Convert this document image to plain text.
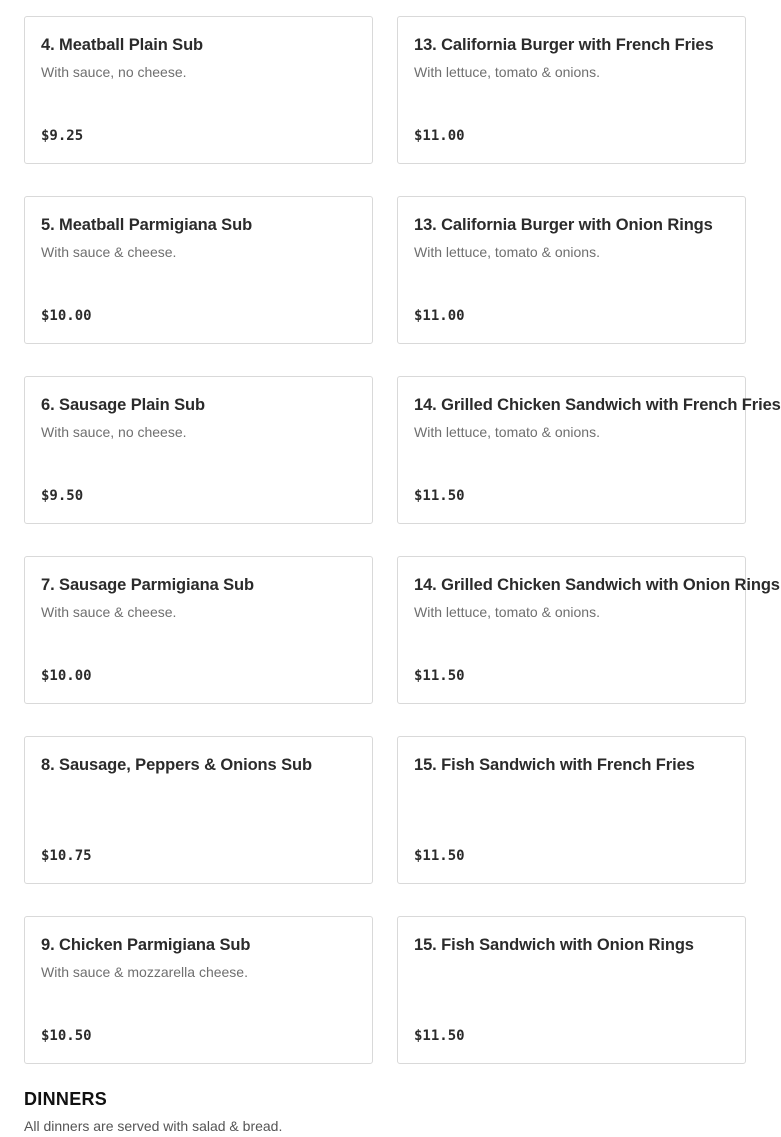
4. Meatball Plain Sub
With sauce, no cheese.
$9.25
13. California Burger with French Fries
With lettuce, tomato & onions.
$11.00
5. Meatball Parmigiana Sub
With sauce & cheese.
$10.00
13. California Burger with Onion Rings
With lettuce, tomato & onions.
$11.00
6. Sausage Plain Sub
With sauce, no cheese.
$9.50
14. Grilled Chicken Sandwich with French Fries
With lettuce, tomato & onions.
$11.50
7. Sausage Parmigiana Sub
With sauce & cheese.
$10.00
14. Grilled Chicken Sandwich with Onion Rings
With lettuce, tomato & onions.
$11.50
8. Sausage, Peppers & Onions Sub
$10.75
15. Fish Sandwich with French Fries
$11.50
9. Chicken Parmigiana Sub
With sauce & mozzarella cheese.
$10.50
15. Fish Sandwich with Onion Rings
$11.50
DINNERS

All dinners are served with salad & bread.
